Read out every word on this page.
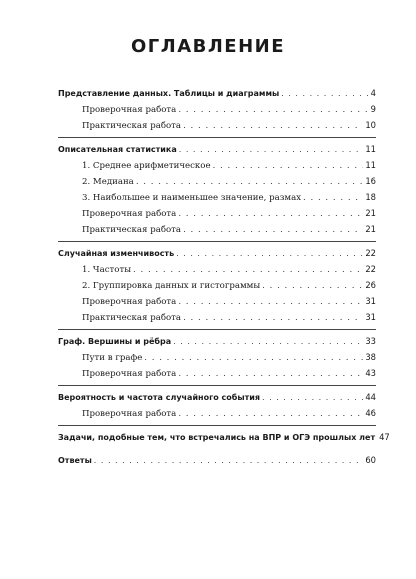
ОГЛАВЛЕНИЕ
Представление данных. Таблицы и диаграммы . . .	4
Проверочная работа . . .	9
Практическая работа . . .	10
Описательная статистика . . .	11
1. Среднее арифметическое . . .	11
2. Медиана . . .	16
3. Наибольшее и наименьшее значение, размах . . .	18
Проверочная работа . . .	21
Практическая работа . . .	21
Случайная изменчивость . . .	22
1. Частоты . . .	22
2. Группировка данных и гистограммы . . .	26
Проверочная работа . . .	31
Практическая работа . . .	31
Граф. Вершины и рёбра . . .	33
Пути в графе . . .	38
Проверочная работа . . .	43
Вероятность и частота случайного события . . .	44
Проверочная работа . . .	46
Задачи, подобные тем, что встречались на ВПР и ОГЭ прошлых лет 47
Ответы . . .	60
